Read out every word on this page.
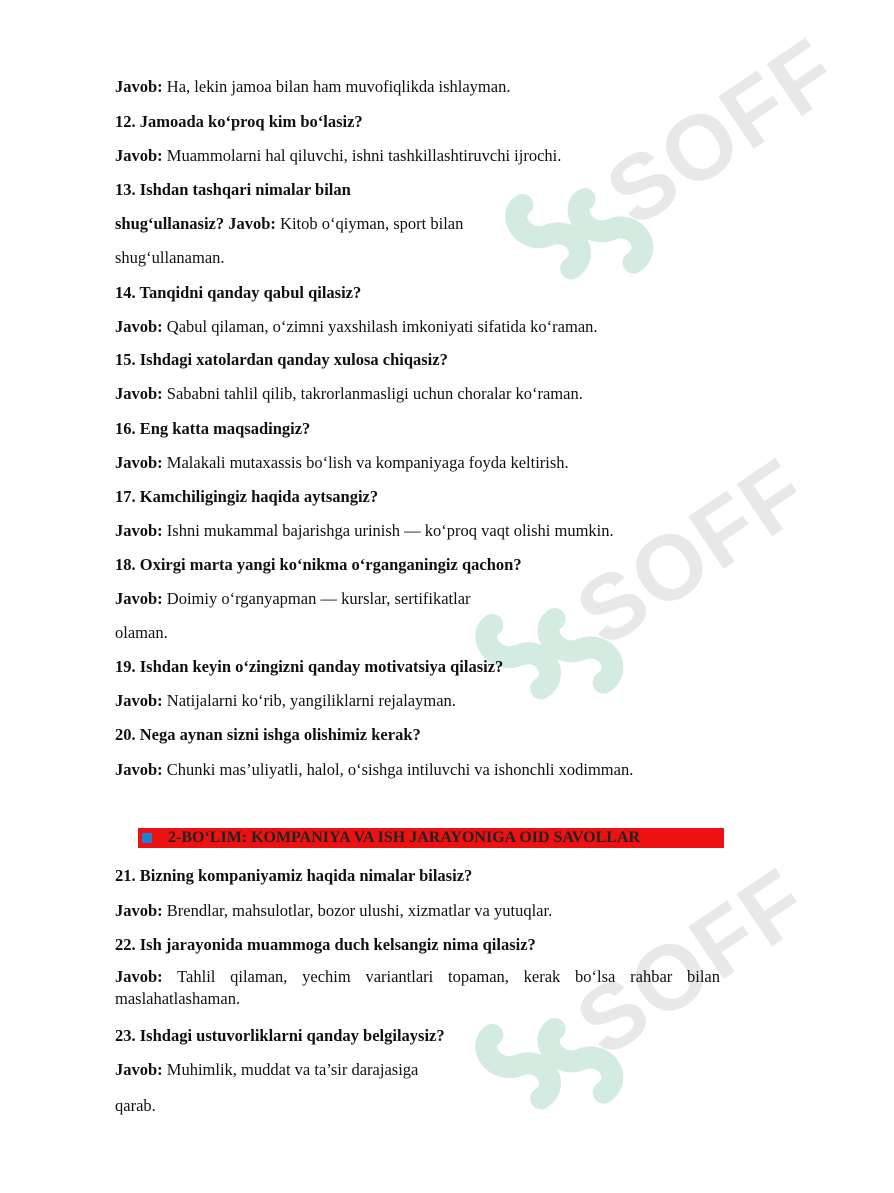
SOFF
SOFF
SOFF
Javob: Ha, lekin jamoa bilan ham muvofiqlikda ishlayman.
12. Jamoada ko‘proq kim bo‘lasiz?
Javob: Muammolarni hal qiluvchi, ishni tashkillashtiruvchi ijrochi.
13. Ishdan tashqari nimalar bilan
shug‘ullanasiz? Javob: Kitob o‘qiyman, sport bilan
shug‘ullanaman.
14. Tanqidni qanday qabul qilasiz?
Javob: Qabul qilaman, o‘zimni yaxshilash imkoniyati sifatida ko‘raman.
15. Ishdagi xatolardan qanday xulosa chiqasiz?
Javob: Sababni tahlil qilib, takrorlanmasligi uchun choralar ko‘raman.
16. Eng katta maqsadingiz?
Javob: Malakali mutaxassis bo‘lish va kompaniyaga foyda keltirish.
17. Kamchiligingiz haqida aytsangiz?
Javob: Ishni mukammal bajarishga urinish — ko‘proq vaqt olishi mumkin.
18. Oxirgi marta yangi ko‘nikma o‘rganganingiz qachon?
Javob: Doimiy o‘rganyapman — kurslar, sertifikatlar
olaman.
19. Ishdan keyin o‘zingizni qanday motivatsiya qilasiz?
Javob: Natijalarni ko‘rib, yangiliklarni rejalayman.
20. Nega aynan sizni ishga olishimiz kerak?
Javob: Chunki mas’uliyatli, halol, o‘sishga intiluvchi va ishonchli xodimman.
2-BO‘LIM: KOMPANIYA VA ISH JARAYONIGA OID SAVOLLAR
21. Bizning kompaniyamiz haqida nimalar bilasiz?
Javob: Brendlar, mahsulotlar, bozor ulushi, xizmatlar va yutuqlar.
22. Ish jarayonida muammoga duch kelsangiz nima qilasiz?
Javob: Tahlil qilaman, yechim variantlari topaman, kerak bo‘lsa rahbar bilan maslahatlashaman.
23. Ishdagi ustuvorliklarni qanday belgilaysiz?
Javob: Muhimlik, muddat va ta’sir darajasiga
qarab.
